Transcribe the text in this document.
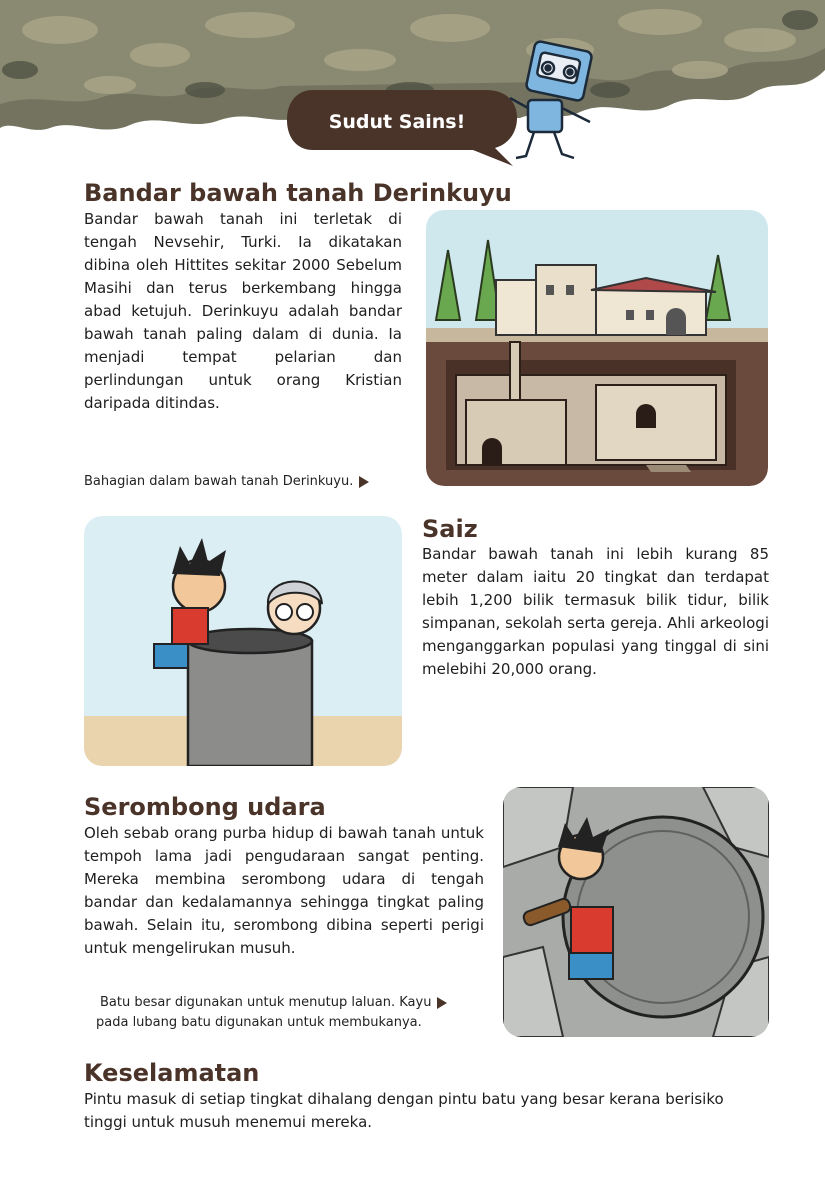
Sudut Sains!
Bandar bawah tanah Derinkuyu

Bandar bawah tanah ini terletak di tengah Nevsehir, Turki. Ia dikatakan dibina oleh Hittites sekitar 2000 Sebelum Masihi dan terus berkembang hingga abad ketujuh. Derinkuyu adalah bandar bawah tanah paling dalam di dunia. Ia menjadi tempat pelarian dan perlindungan untuk orang Kristian daripada ditindas.

Bahagian dalam bawah tanah Derinkuyu.
Saiz

Bandar bawah tanah ini lebih kurang 85 meter dalam iaitu 20 tingkat dan terdapat lebih 1,200 bilik termasuk bilik tidur, bilik simpanan, sekolah serta gereja. Ahli arkeologi menganggarkan populasi yang tinggal di sini melebihi 20,000 orang.

Serombong udara

Oleh sebab orang purba hidup di bawah tanah untuk tempoh lama jadi pengudaraan sangat penting. Mereka membina serombong udara di tengah bandar dan kedalamannya sehingga tingkat paling bawah. Selain itu, serombong dibina seperti perigi untuk mengelirukan musuh.

Batu besar digunakan untuk menutup laluan. Kayu
pada lubang batu digunakan untuk membukanya.
Keselamatan

Pintu masuk di setiap tingkat dihalang dengan pintu batu yang besar kerana berisiko tinggi untuk musuh menemui mereka.
